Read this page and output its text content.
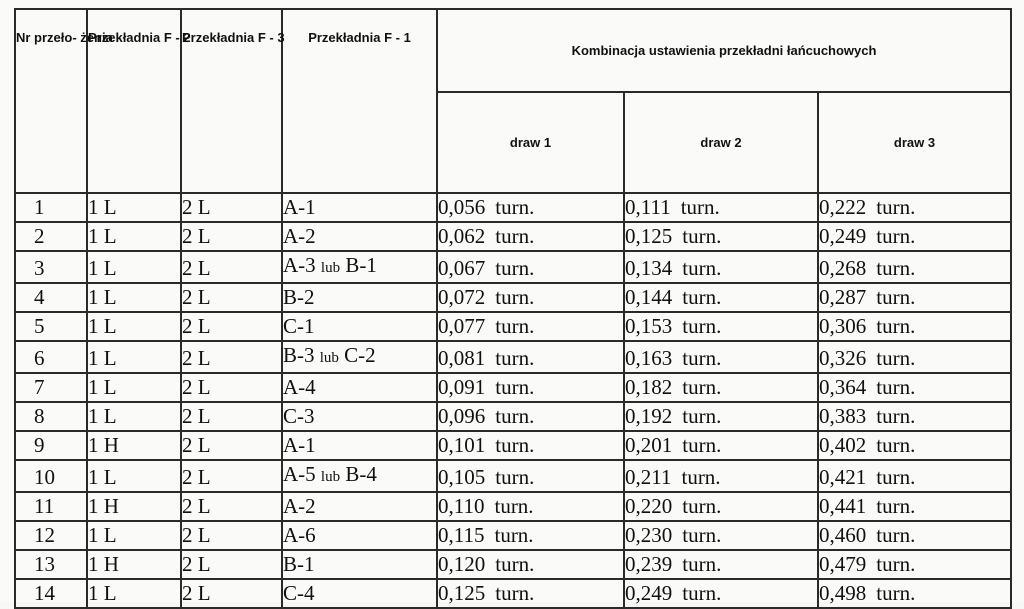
Nr przeło- żenia	Przekładnia F - 2	Przekładnia F - 3	Przekładnia F - 1	Kombinacja ustawienia przekładni łańcuchowych		
				draw 1	draw 2	draw 3
1	1 L	2 L	A-1	0,056 turn.	0,111 turn.	0,222 turn.
2	1 L	2 L	A-2	0,062 turn.	0,125 turn.	0,249 turn.
3	1 L	2 L	A-3 lub B-1	0,067 turn.	0,134 turn.	0,268 turn.
4	1 L	2 L	B-2	0,072 turn.	0,144 turn.	0,287 turn.
5	1 L	2 L	C-1	0,077 turn.	0,153 turn.	0,306 turn.
6	1 L	2 L	B-3 lub C-2	0,081 turn.	0,163 turn.	0,326 turn.
7	1 L	2 L	A-4	0,091 turn.	0,182 turn.	0,364 turn.
8	1 L	2 L	C-3	0,096 turn.	0,192 turn.	0,383 turn.
9	1 H	2 L	A-1	0,101 turn.	0,201 turn.	0,402 turn.
10	1 L	2 L	A-5 lub B-4	0,105 turn.	0,211 turn.	0,421 turn.
11	1 H	2 L	A-2	0,110 turn.	0,220 turn.	0,441 turn.
12	1 L	2 L	A-6	0,115 turn.	0,230 turn.	0,460 turn.
13	1 H	2 L	B-1	0,120 turn.	0,239 turn.	0,479 turn.
14	1 L	2 L	C-4	0,125 turn.	0,249 turn.	0,498 turn.
